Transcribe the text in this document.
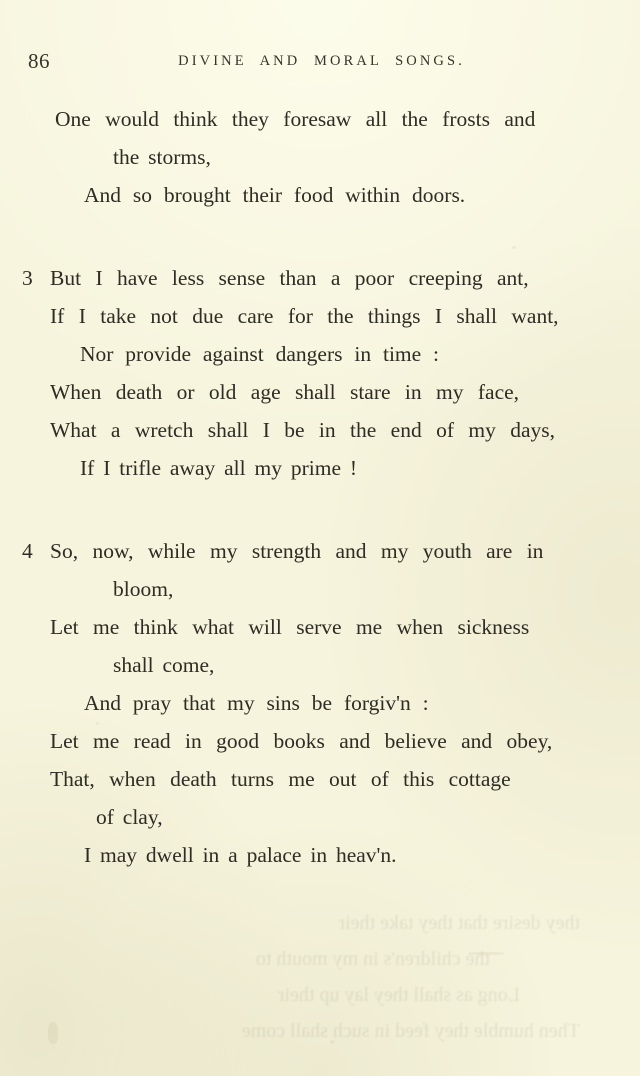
86	DIVINE AND MORAL SONGS.
One would think they foresaw all the frosts and
the storms,
And so brought their food within doors.
3 But I have less sense than a poor creeping ant,
If I take not due care for the things I shall want,
Nor provide against dangers in time :
When death or old age shall stare in my face,
What a wretch shall I be in the end of my days,
If I trifle away all my prime !
4 So, now, while my strength and my youth are in
bloom,
Let me think what will serve me when sickness
shall come,
And pray that my sins be forgiv'n :
Let me read in good books and believe and obey,
That, when death turns me out of this cottage
of clay,
I may dwell in a palace in heav'n.
they desire that they take their
the children's in my mouth to
Long as shall they lay up their
Then humble they feed in such shall come
